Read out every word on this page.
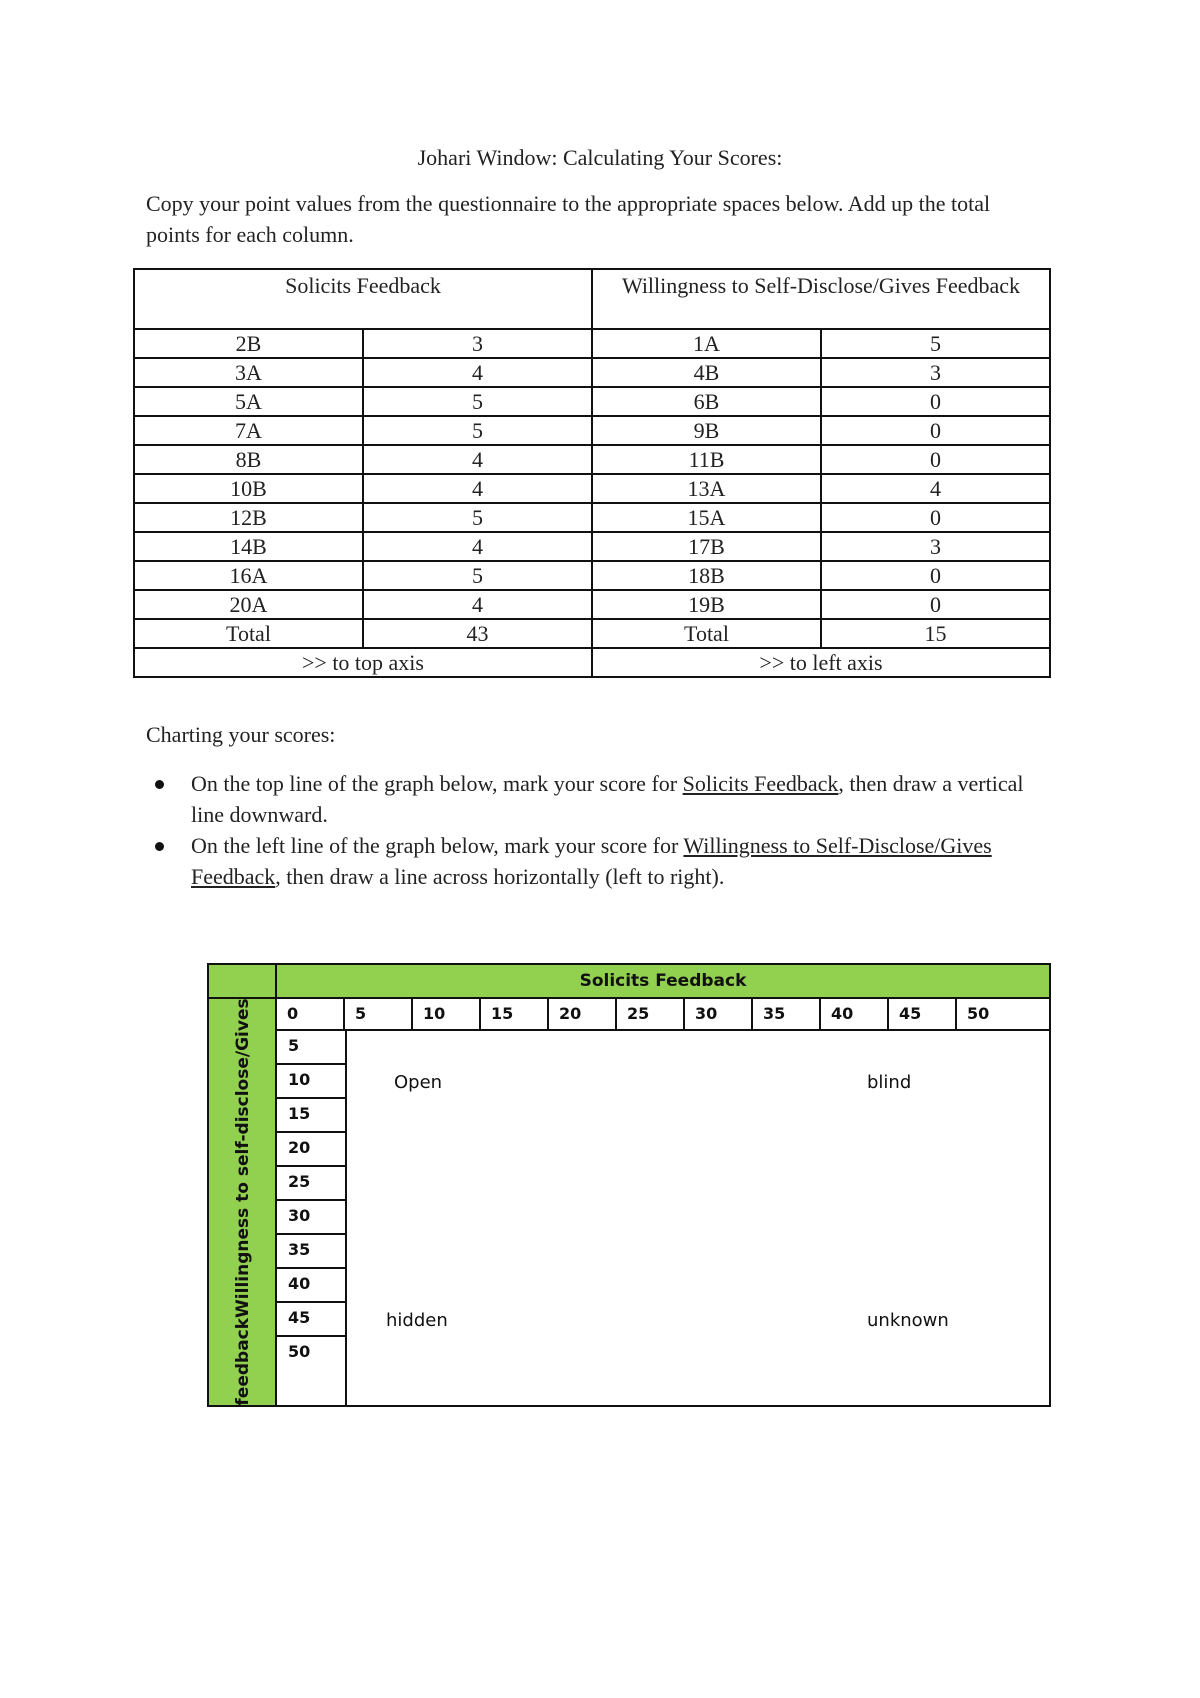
Johari Window: Calculating Your Scores:
Copy your point values from the questionnaire to the appropriate spaces below. Add up the total points for each column.
Solicits Feedback		Willingness to Self-Disclose/Gives Feedback	
2B	3	1A	5
3A	4	4B	3
5A	5	6B	0
7A	5	9B	0
8B	4	11B	0
10B	4	13A	4
12B	5	15A	0
14B	4	17B	3
16A	5	18B	0
20A	4	19B	0
Total	43	Total	15
>> to top axis		>> to left axis	
Charting your scores:
On the top line of the graph below, mark your score for Solicits Feedback, then draw a vertical line downward.
On the left line of the graph below, mark your score for Willingness to Self-Disclose/Gives Feedback, then draw a line across horizontally (left to right).
feedbackWillingness to self-disclose/Gives
Solicits Feedback
0	5	10	15	20	25	30	35	40	45	50
5
10
15
20
25
30
35
40
45
50
Open	blind
hidden	unknown
